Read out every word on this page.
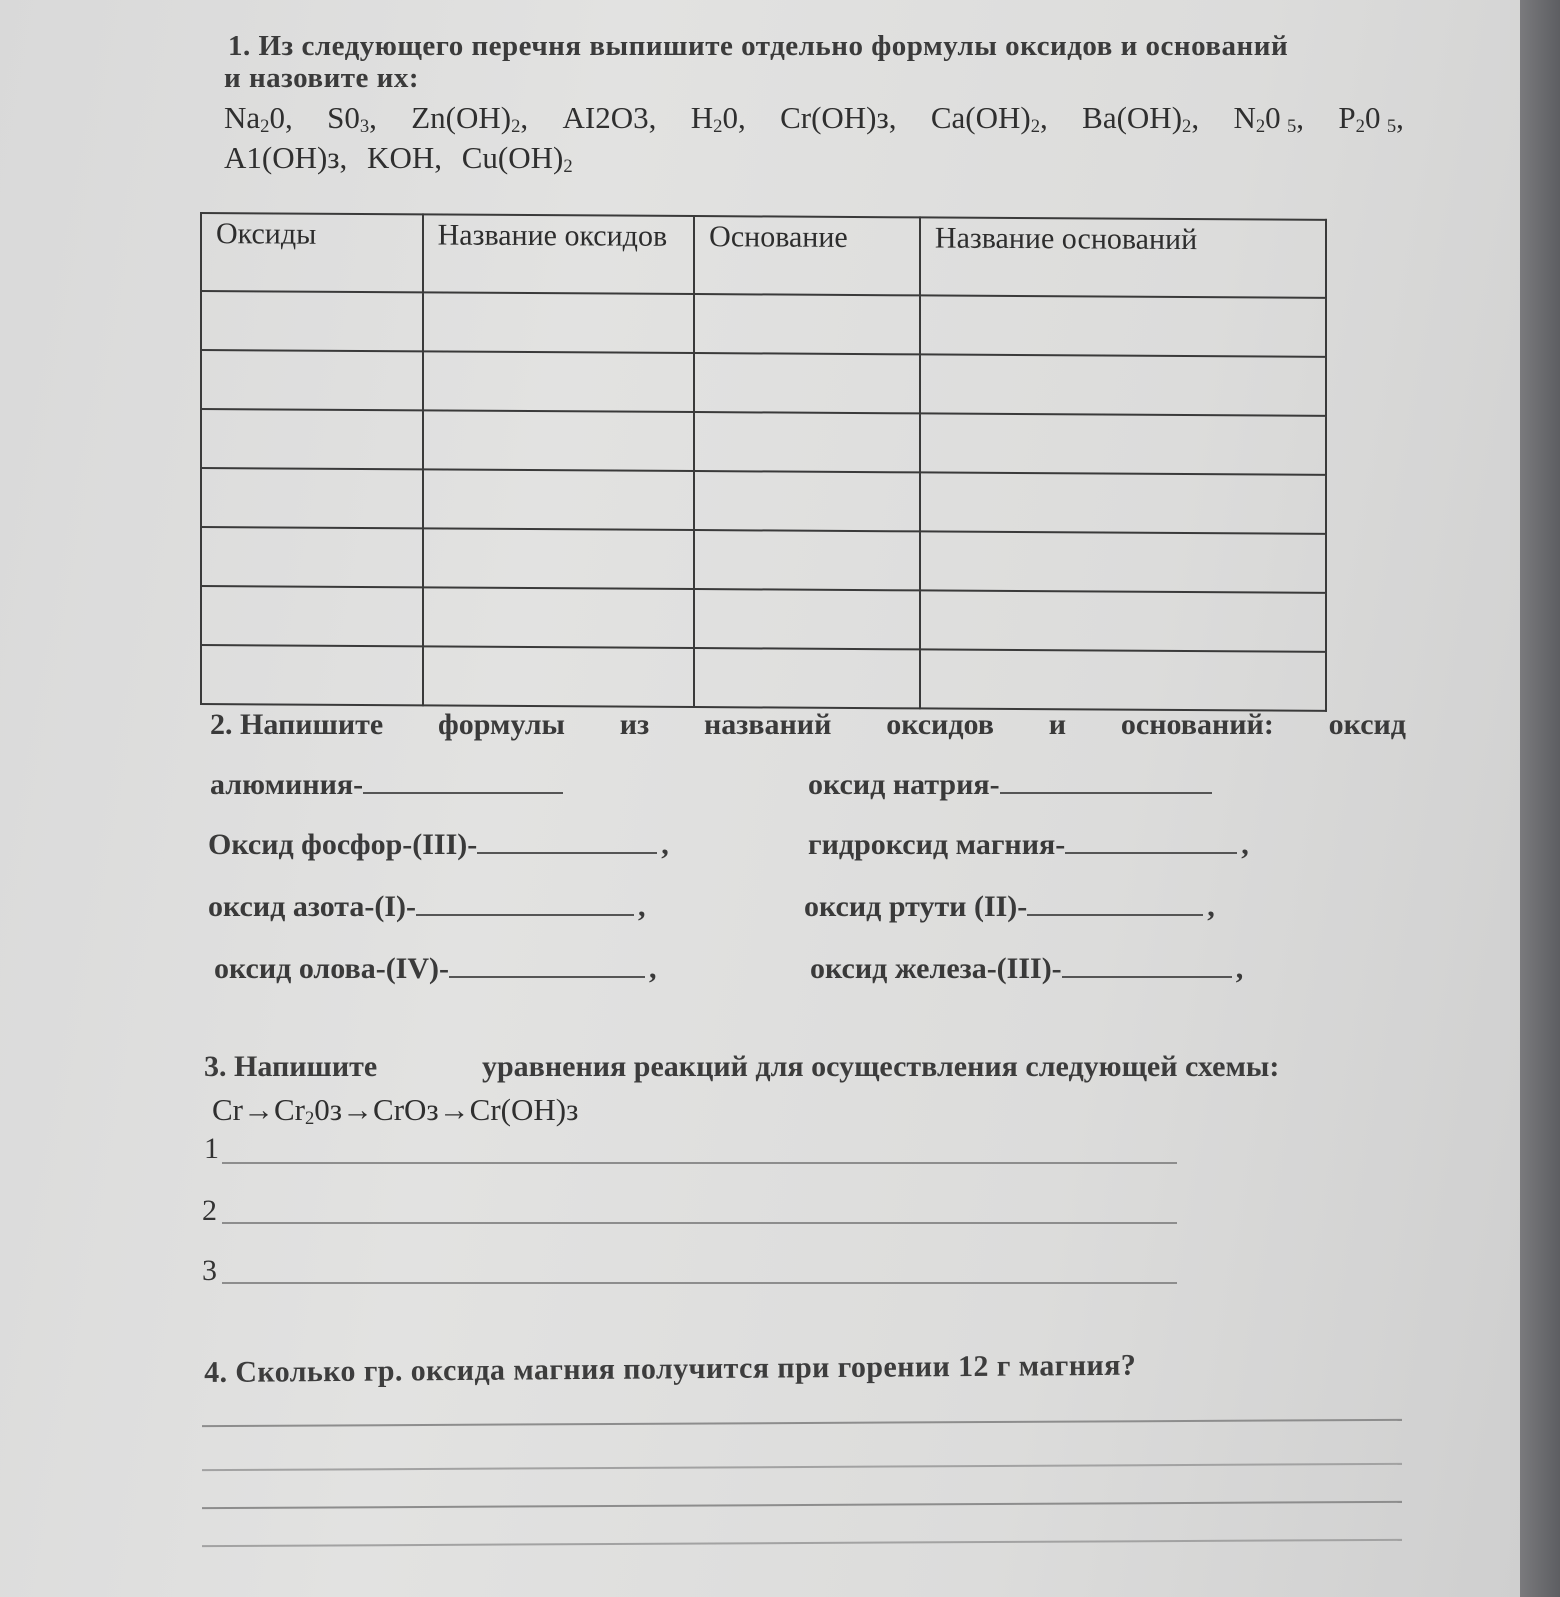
1. Из следующего перечня выпишите отдельно формулы оксидов и оснований
и назовите их:
$Na_20$, $S0_3$, $Zn(OH)_2$, AI2O3, $H_20$, Cr(OH)з, $Ca(OH)_2$, $Ba(OH)_2$, $N_20$ $_5$, $P_20$ $_5$,
A1(OH)з, KOH, $Cu(OH)_2$
Оксиды	Название оксидов	Основание	Название оснований

2. Напишите формулы из названий оксидов и оснований: оксид
алюминия-	оксид натрия-
Оксид фосфор-(III)-	,	гидроксид магния-	,
оксид азота-(I)-	,	оксид ртути (II)-	,
оксид олова-(IV)-	,	оксид железа-(III)-	,
3. Напишите	уравнения реакций для осуществления следующей схемы:
$Cr\to Cr_20з\to CrOз\to Cr(OH)з$
1
2
3
4. Сколько гр. оксида магния получится при горении 12 г магния?
